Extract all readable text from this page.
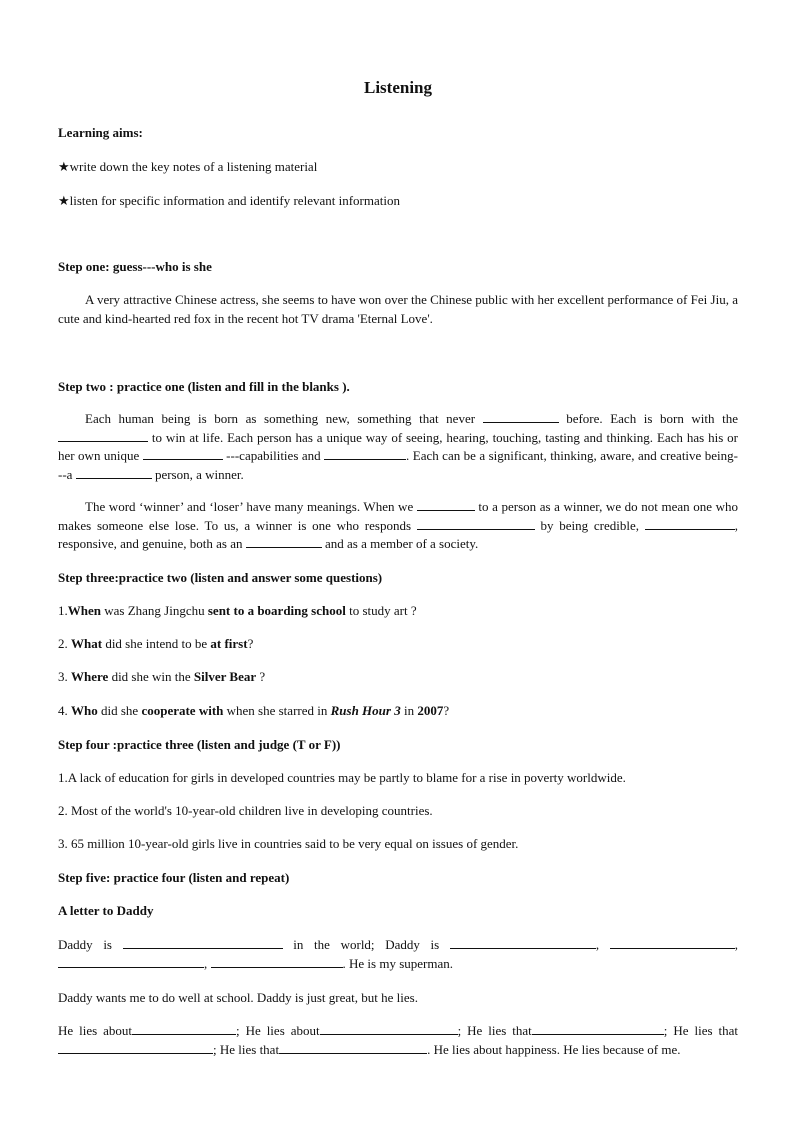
Listening
Learning aims:
★write down the key notes of a listening material
★listen for specific information and identify relevant information
Step one: guess---who is she
A very attractive Chinese actress, she seems to have won over the Chinese public with her excellent performance of Fei Jiu, a cute and kind-hearted red fox in the recent hot TV drama 'Eternal Love'.
Step two : practice one (listen and fill in the blanks ).
Each human being is born as something new, something that never	before. Each is born with the  to win at life. Each person has a unique way of seeing, hearing, touching, tasting and thinking. Each has his or her own unique	---capabilities and	. Each can be a significant, thinking, aware, and creative being---a	person, a winner.
The word ‘winner’ and ‘loser’ have many meanings. When we	to a person as a winner, we do not mean one who makes someone else lose. To us, a winner is one who responds	by being credible,	, responsive, and genuine, both as an	and as a member of a society.
Step three:practice two (listen and answer some questions)
1.When was Zhang Jingchu sent to a boarding school to study art ?
2. What did she intend to be at first?
3. Where did she win the Silver Bear ?
4. Who did she cooperate with when she starred in Rush Hour 3 in 2007?
Step four :practice three (listen and judge (T or F))
1.A lack of education for girls in developed countries may be partly to blame for a rise in poverty worldwide.
2. Most of the world's 10-year-old children live in developing countries.
3. 65 million 10-year-old girls live in countries said to be very equal on issues of gender.
Step five: practice four (listen and repeat)
A letter to Daddy
Daddy is	in the world; Daddy is	,	, ,	. He is my superman.
Daddy wants me to do well at school. Daddy is just great, but he lies.
He lies about	; He lies about	; He lies that	; He lies that; He lies that	. He lies about happiness. He lies because of me.
